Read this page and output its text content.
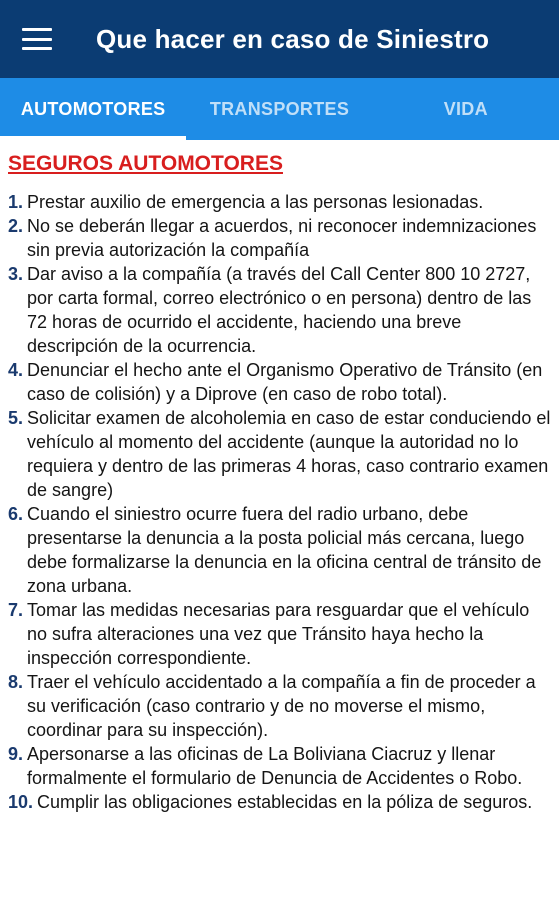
Que hacer en caso de Siniestro
AUTOMOTORES	TRANSPORTES	VIDA
SEGUROS AUTOMOTORES
1. Prestar auxilio de emergencia a las personas lesionadas.
2. No se deberán llegar a acuerdos, ni reconocer indemnizaciones sin previa autorización la compañía
3. Dar aviso a la compañía (a través del Call Center 800 10 2727, por carta formal, correo electrónico o en persona) dentro de las 72 horas de ocurrido el accidente, haciendo una breve descripción de la ocurrencia.
4. Denunciar el hecho ante el Organismo Operativo de Tránsito (en caso de colisión) y a Diprove (en caso de robo total).
5. Solicitar examen de alcoholemia en caso de estar conduciendo el vehículo al momento del accidente (aunque la autoridad no lo requiera y dentro de las primeras 4 horas, caso contrario examen de sangre)
6. Cuando el siniestro ocurre fuera del radio urbano, debe presentarse la denuncia a la posta policial más cercana, luego debe formalizarse la denuncia en la oficina central de tránsito de zona urbana.
7. Tomar las medidas necesarias para resguardar que el vehículo no sufra alteraciones una vez que Tránsito haya hecho la inspección correspondiente.
8. Traer el vehículo accidentado a la compañía a fin de proceder a su verificación (caso contrario y de no moverse el mismo, coordinar para su inspección).
9. Apersonarse a las oficinas de La Boliviana Ciacruz y llenar formalmente el formulario de Denuncia de Accidentes o Robo.
10. Cumplir las obligaciones establecidas en la póliza de seguros.
